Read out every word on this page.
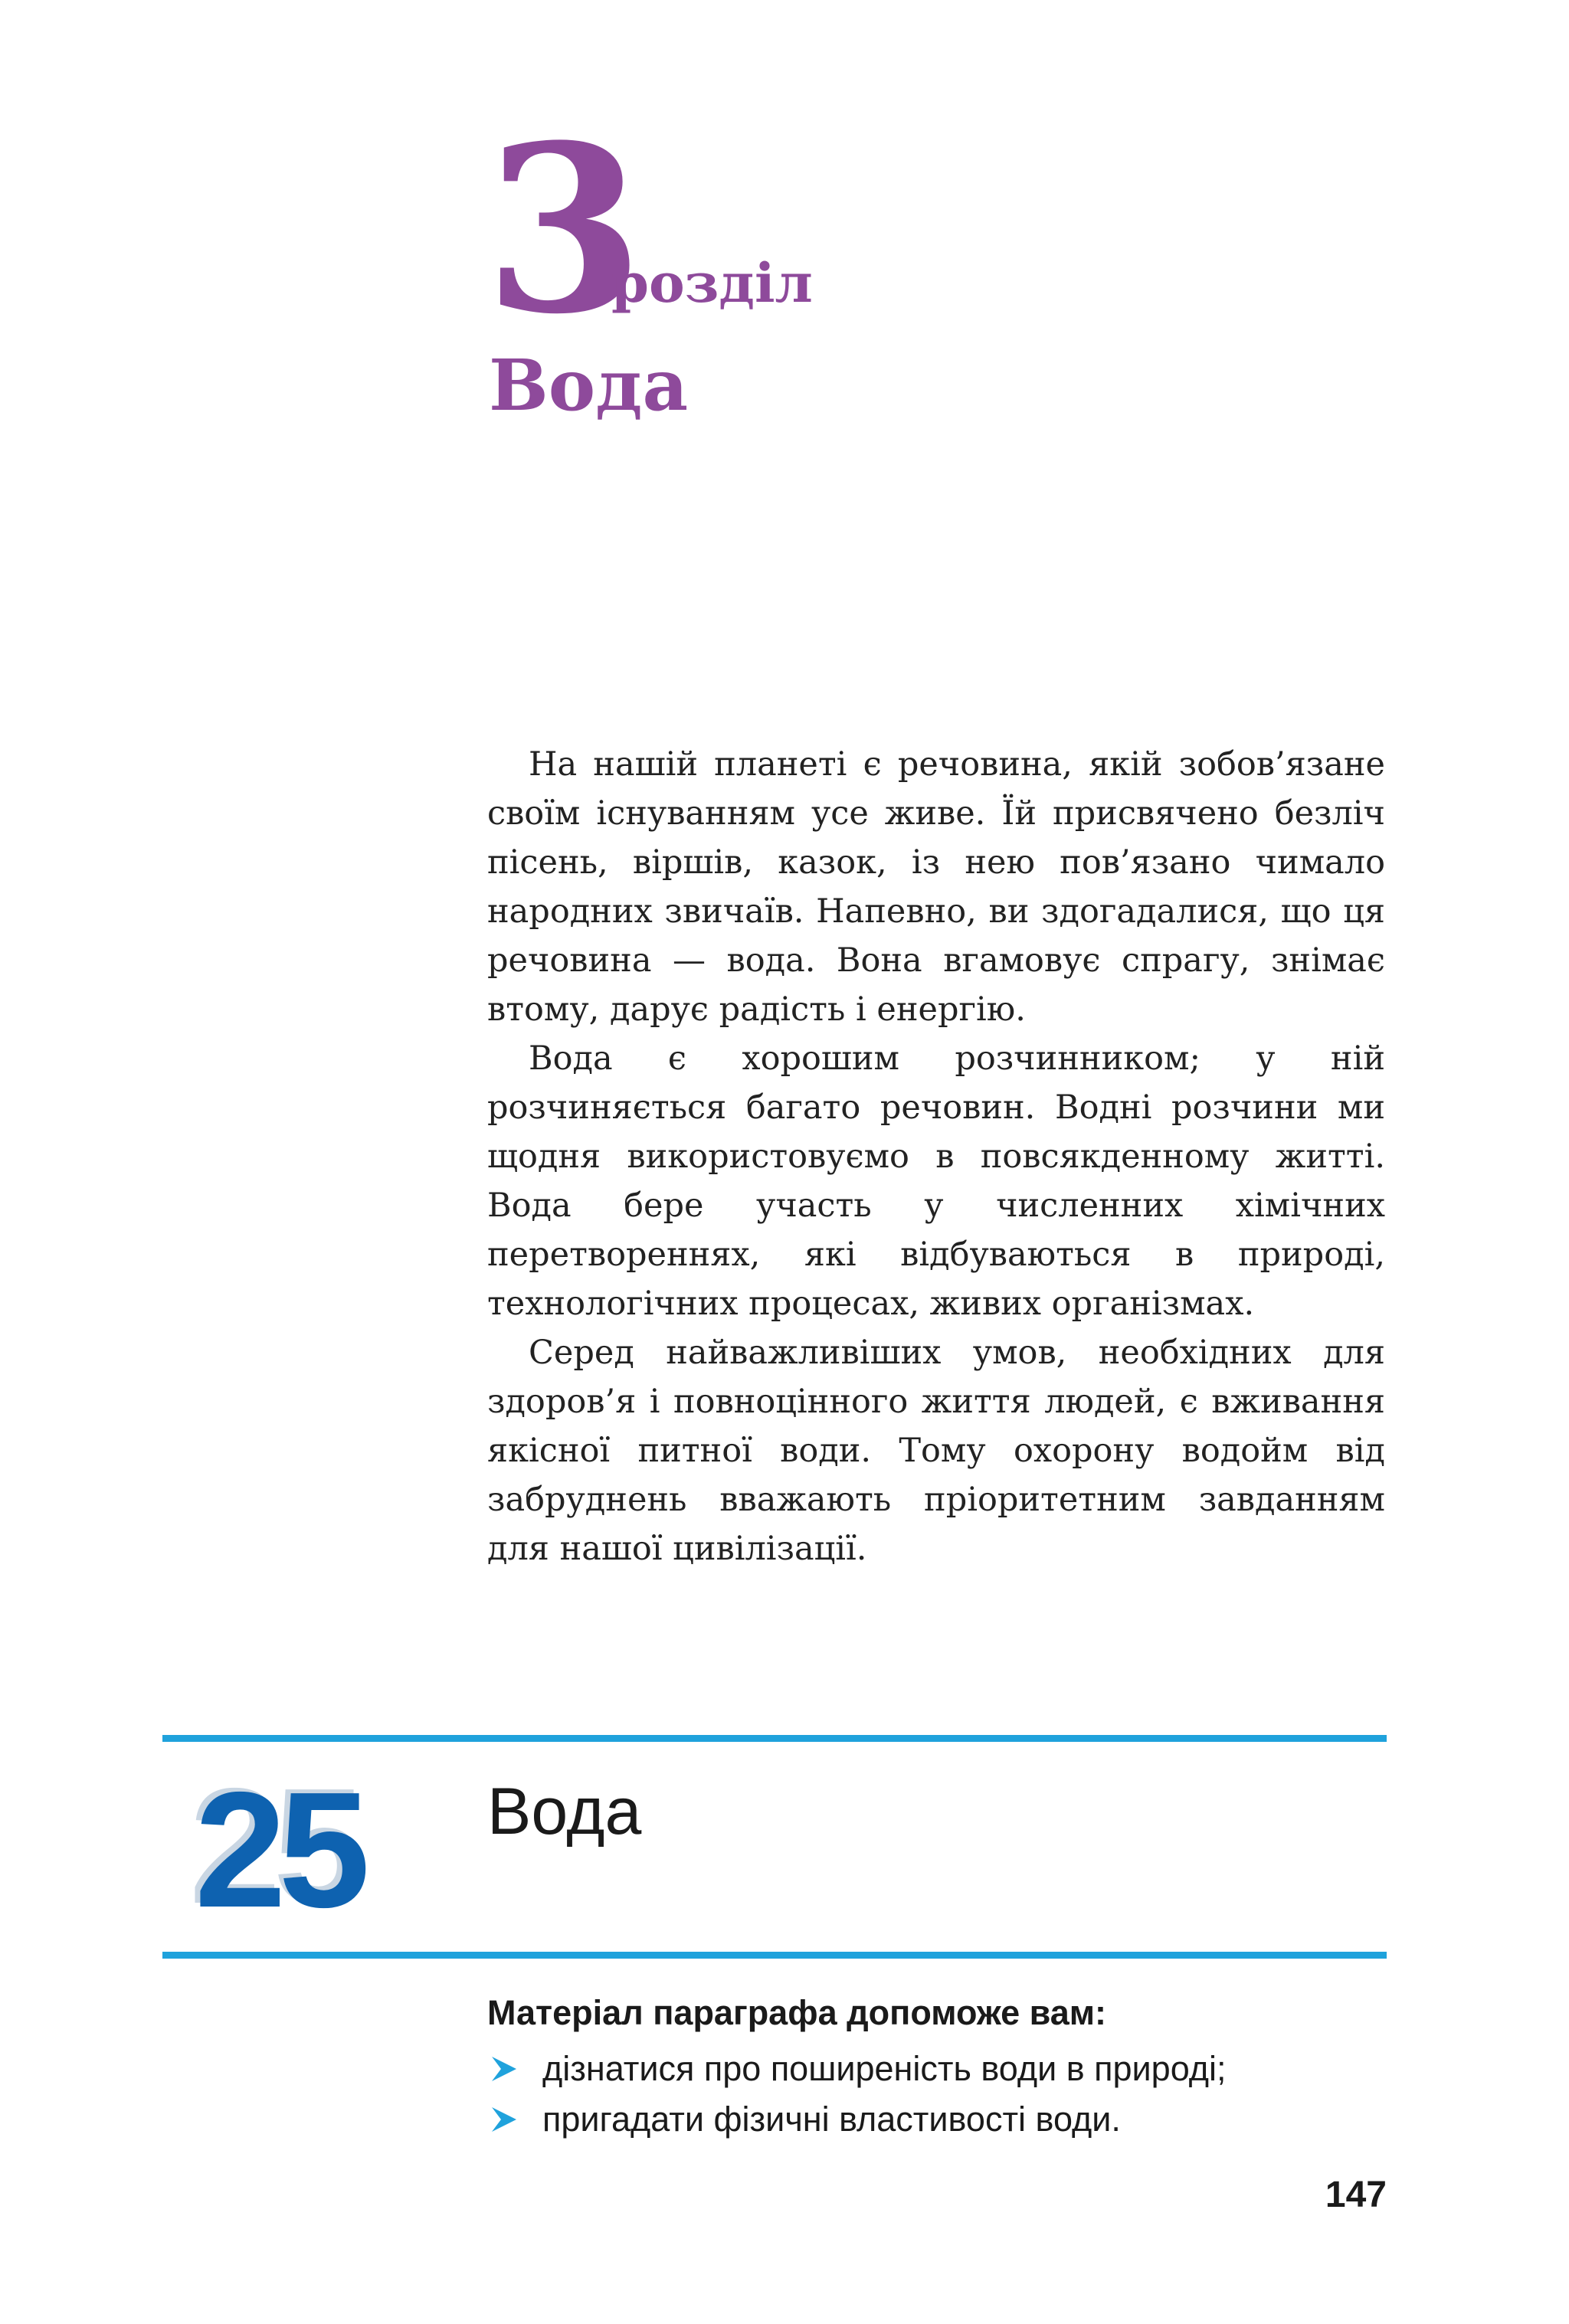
3
розділ
Вода

На нашій планеті є речовина, якій зобов’язане своїм існуванням усе живе. Їй присвячено безліч пісень, віршів, казок, із нею пов’язано чимало народних звичаїв. Напевно, ви здогадалися, що ця речовина — вода. Вона вгамовує спрагу, знімає втому, дарує радість і енергію.

Вода є хорошим розчинником; у ній розчиняється багато речовин. Водні розчини ми щодня використовуємо в повсякденному житті. Вода бере участь у численних хімічних перетвореннях, які відбуваються в природі, технологічних процесах, живих організмах.

Серед найважливіших умов, необхідних для здоров’я і повноцінного життя людей, є вживання якісної питної води. Тому охорону водойм від забруднень вважають пріоритетним завданням для нашої цивілізації.

25 Вода
Матеріал параграфа допоможе вам:
дізнатися про поширеність води в природі;
пригадати фізичні властивості води.
147
